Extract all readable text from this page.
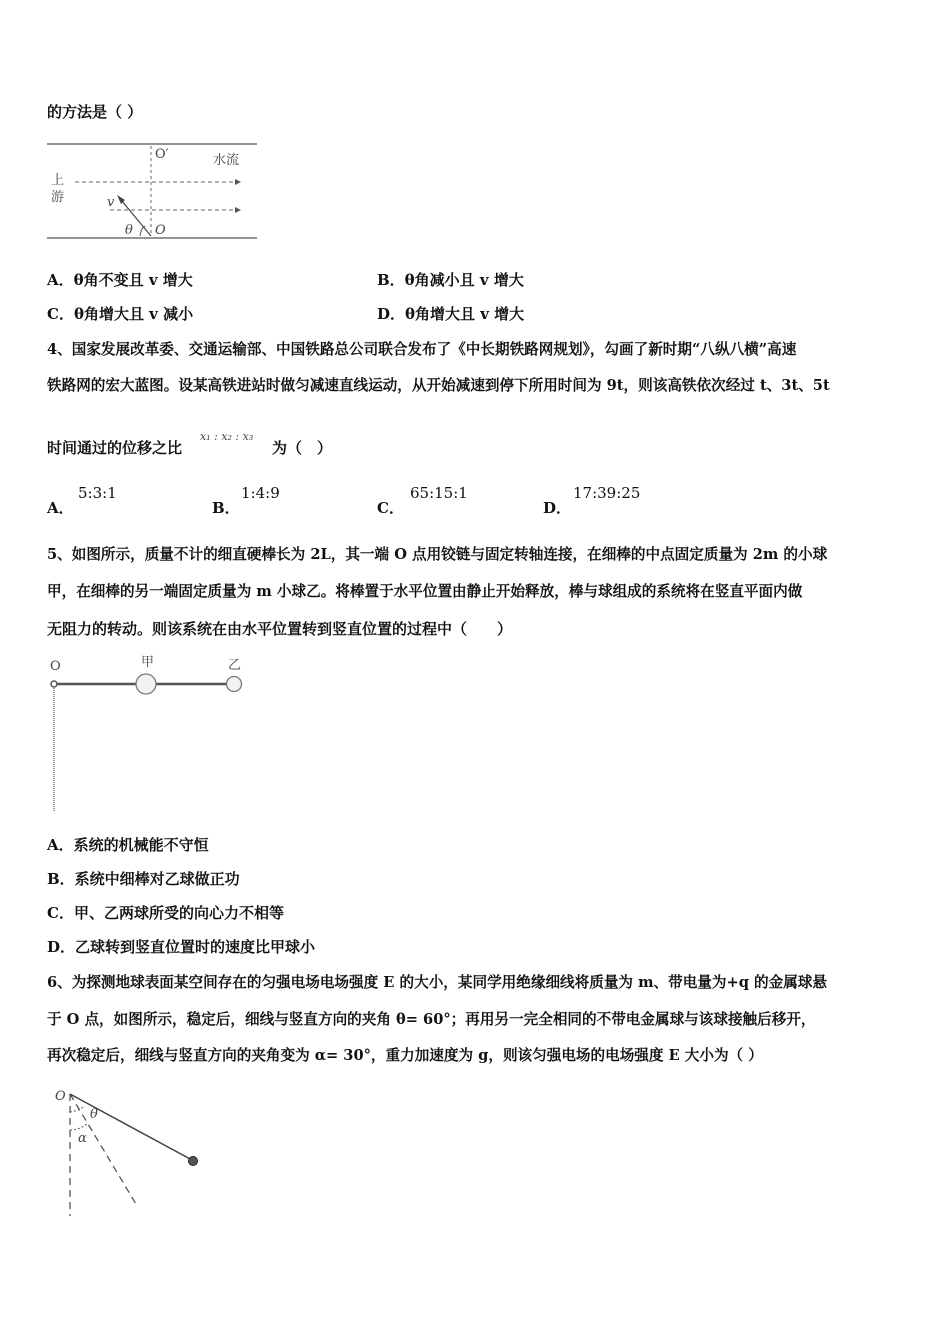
的方法是（ ）
O′	水流
上
游	v
θ O
A．θ角不变且 v 增大	B．θ角减小且 v 增大
C．θ角增大且 v 减小	D．θ角增大且 v 增大
4、国家发展改革委、交通运输部、中国铁路总公司联合发布了《中长期铁路网规划》，勾画了新时期“八纵八横”高速
铁路网的宏大蓝图。设某高铁进站时做匀减速直线运动，从开始减速到停下所用时间为 9t，则该高铁依次经过 t、3t、5t
时间通过的位移之比
x₁ : x₂ : x₃
为（　）
A．
5:3:1
B．
1:4:9
C．
65:15:1
D．
17:39:25
5、如图所示，质量不计的细直硬棒长为 2L，其一端 O 点用铰链与固定转轴连接，在细棒的中点固定质量为 2m 的小球
甲，在细棒的另一端固定质量为 m 小球乙。将棒置于水平位置由静止开始释放，棒与球组成的系统将在竖直平面内做
无阻力的转动。则该系统在由水平位置转到竖直位置的过程中（　　）
O	甲	乙
A．系统的机械能不守恒
B．系统中细棒对乙球做正功
C．甲、乙两球所受的向心力不相等
D．乙球转到竖直位置时的速度比甲球小
6、为探测地球表面某空间存在的匀强电场电场强度 E 的大小，某同学用绝缘细线将质量为 m、带电量为+q 的金属球悬
于 O 点，如图所示，稳定后，细线与竖直方向的夹角 θ= 60°；再用另一完全相同的不带电金属球与该球接触后移开，
再次稳定后，细线与竖直方向的夹角变为 α= 30°，重力加速度为 g，则该匀强电场的电场强度 E 大小为（ ）
O
θ
α
